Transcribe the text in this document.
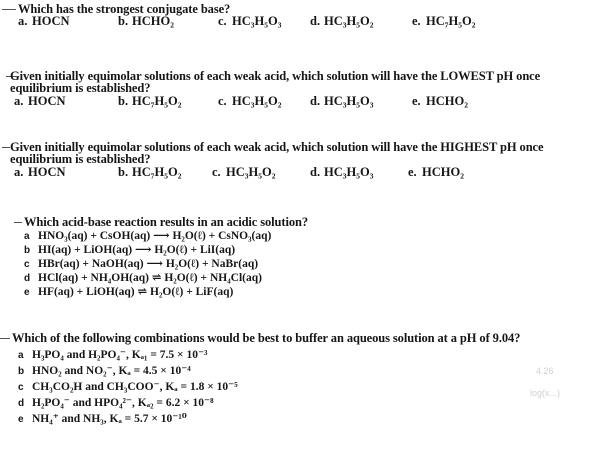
Which has the strongest conjugate base?
a. HOCN	b. HCHO₂	c. HC₃H₅O₃ d. HC₃H₅O₂	e. HC₇H₅O₂
Given initially equimolar solutions of each weak acid, which solution will have the LOWEST pH once
equilibrium is established?
a. HOCN	b. HC₇H₅O₂	c. HC₃H₅O₂ d. HC₃H₅O₃	e. HCHO₂
Given initially equimolar solutions of each weak acid, which solution will have the HIGHEST pH once
equilibrium is established?
a. HOCN	b. HC₇H₅O₂ c. HC₃H₅O₂	d. HC₃H₅O₃	e. HCHO₂
Which acid-base reaction results in an acidic solution?
a HNO₃(aq) + CsOH(aq) ⟶ H₂O(ℓ) + CsNO₃(aq)
b HI(aq) + LiOH(aq) ⟶ H₂O(ℓ) + LiI(aq)
c HBr(aq) + NaOH(aq) ⟶ H₂O(ℓ) + NaBr(aq)
d HCl(aq) + NH₄OH(aq) ⇌ H₂O(ℓ) + NH₄Cl(aq)
e HF(aq) + LiOH(aq) ⇌ H₂O(ℓ) + LiF(aq)
Which of the following combinations would be best to buffer an aqueous solution at a pH of 9.04?
a H₃PO₄ and H₂PO₄⁻, Kₐ₁ = 7.5 × 10⁻³
b HNO₂ and NO₂⁻, Kₐ = 4.5 × 10⁻⁴
c CH₃CO₂H and CH₃COO⁻, Kₐ = 1.8 × 10⁻⁵
d H₂PO₄⁻ and HPO₄²⁻, Kₐ₂ = 6.2 × 10⁻⁸
e NH₄⁺ and NH₃, Kₐ = 5.7 × 10⁻¹⁰
4.26
log(x...)
